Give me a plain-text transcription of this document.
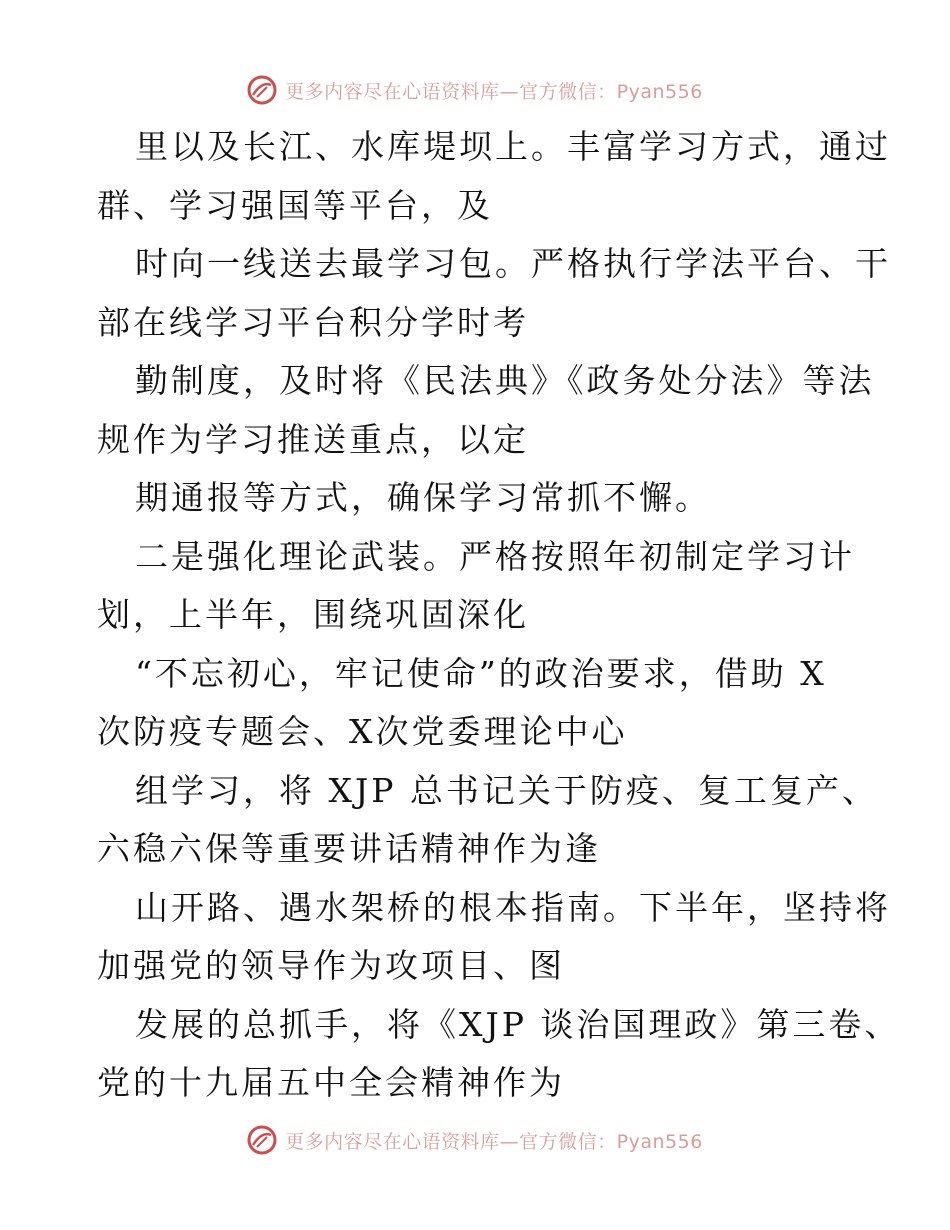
更多内容尽在心语资料库—官方微信：Pyan556
里以及长江、水库堤坝上。丰富学习方式，通过
群、学习强国等平台，及
时向一线送去最学习包。严格执行学法平台、干
部在线学习平台积分学时考
勤制度，及时将《民法典》《政务处分法》等法
规作为学习推送重点，以定
期通报等方式，确保学习常抓不懈。
二是强化理论武装。严格按照年初制定学习计
划，上半年，围绕巩固深化
“不忘初心，牢记使命”的政治要求，借助 X
次防疫专题会、X次党委理论中心
组学习，将 XJP 总书记关于防疫、复工复产、
六稳六保等重要讲话精神作为逢
山开路、遇水架桥的根本指南。下半年，坚持将
加强党的领导作为攻项目、图
发展的总抓手，将《XJP 谈治国理政》第三卷、
党的十九届五中全会精神作为
更多内容尽在心语资料库—官方微信：Pyan556
